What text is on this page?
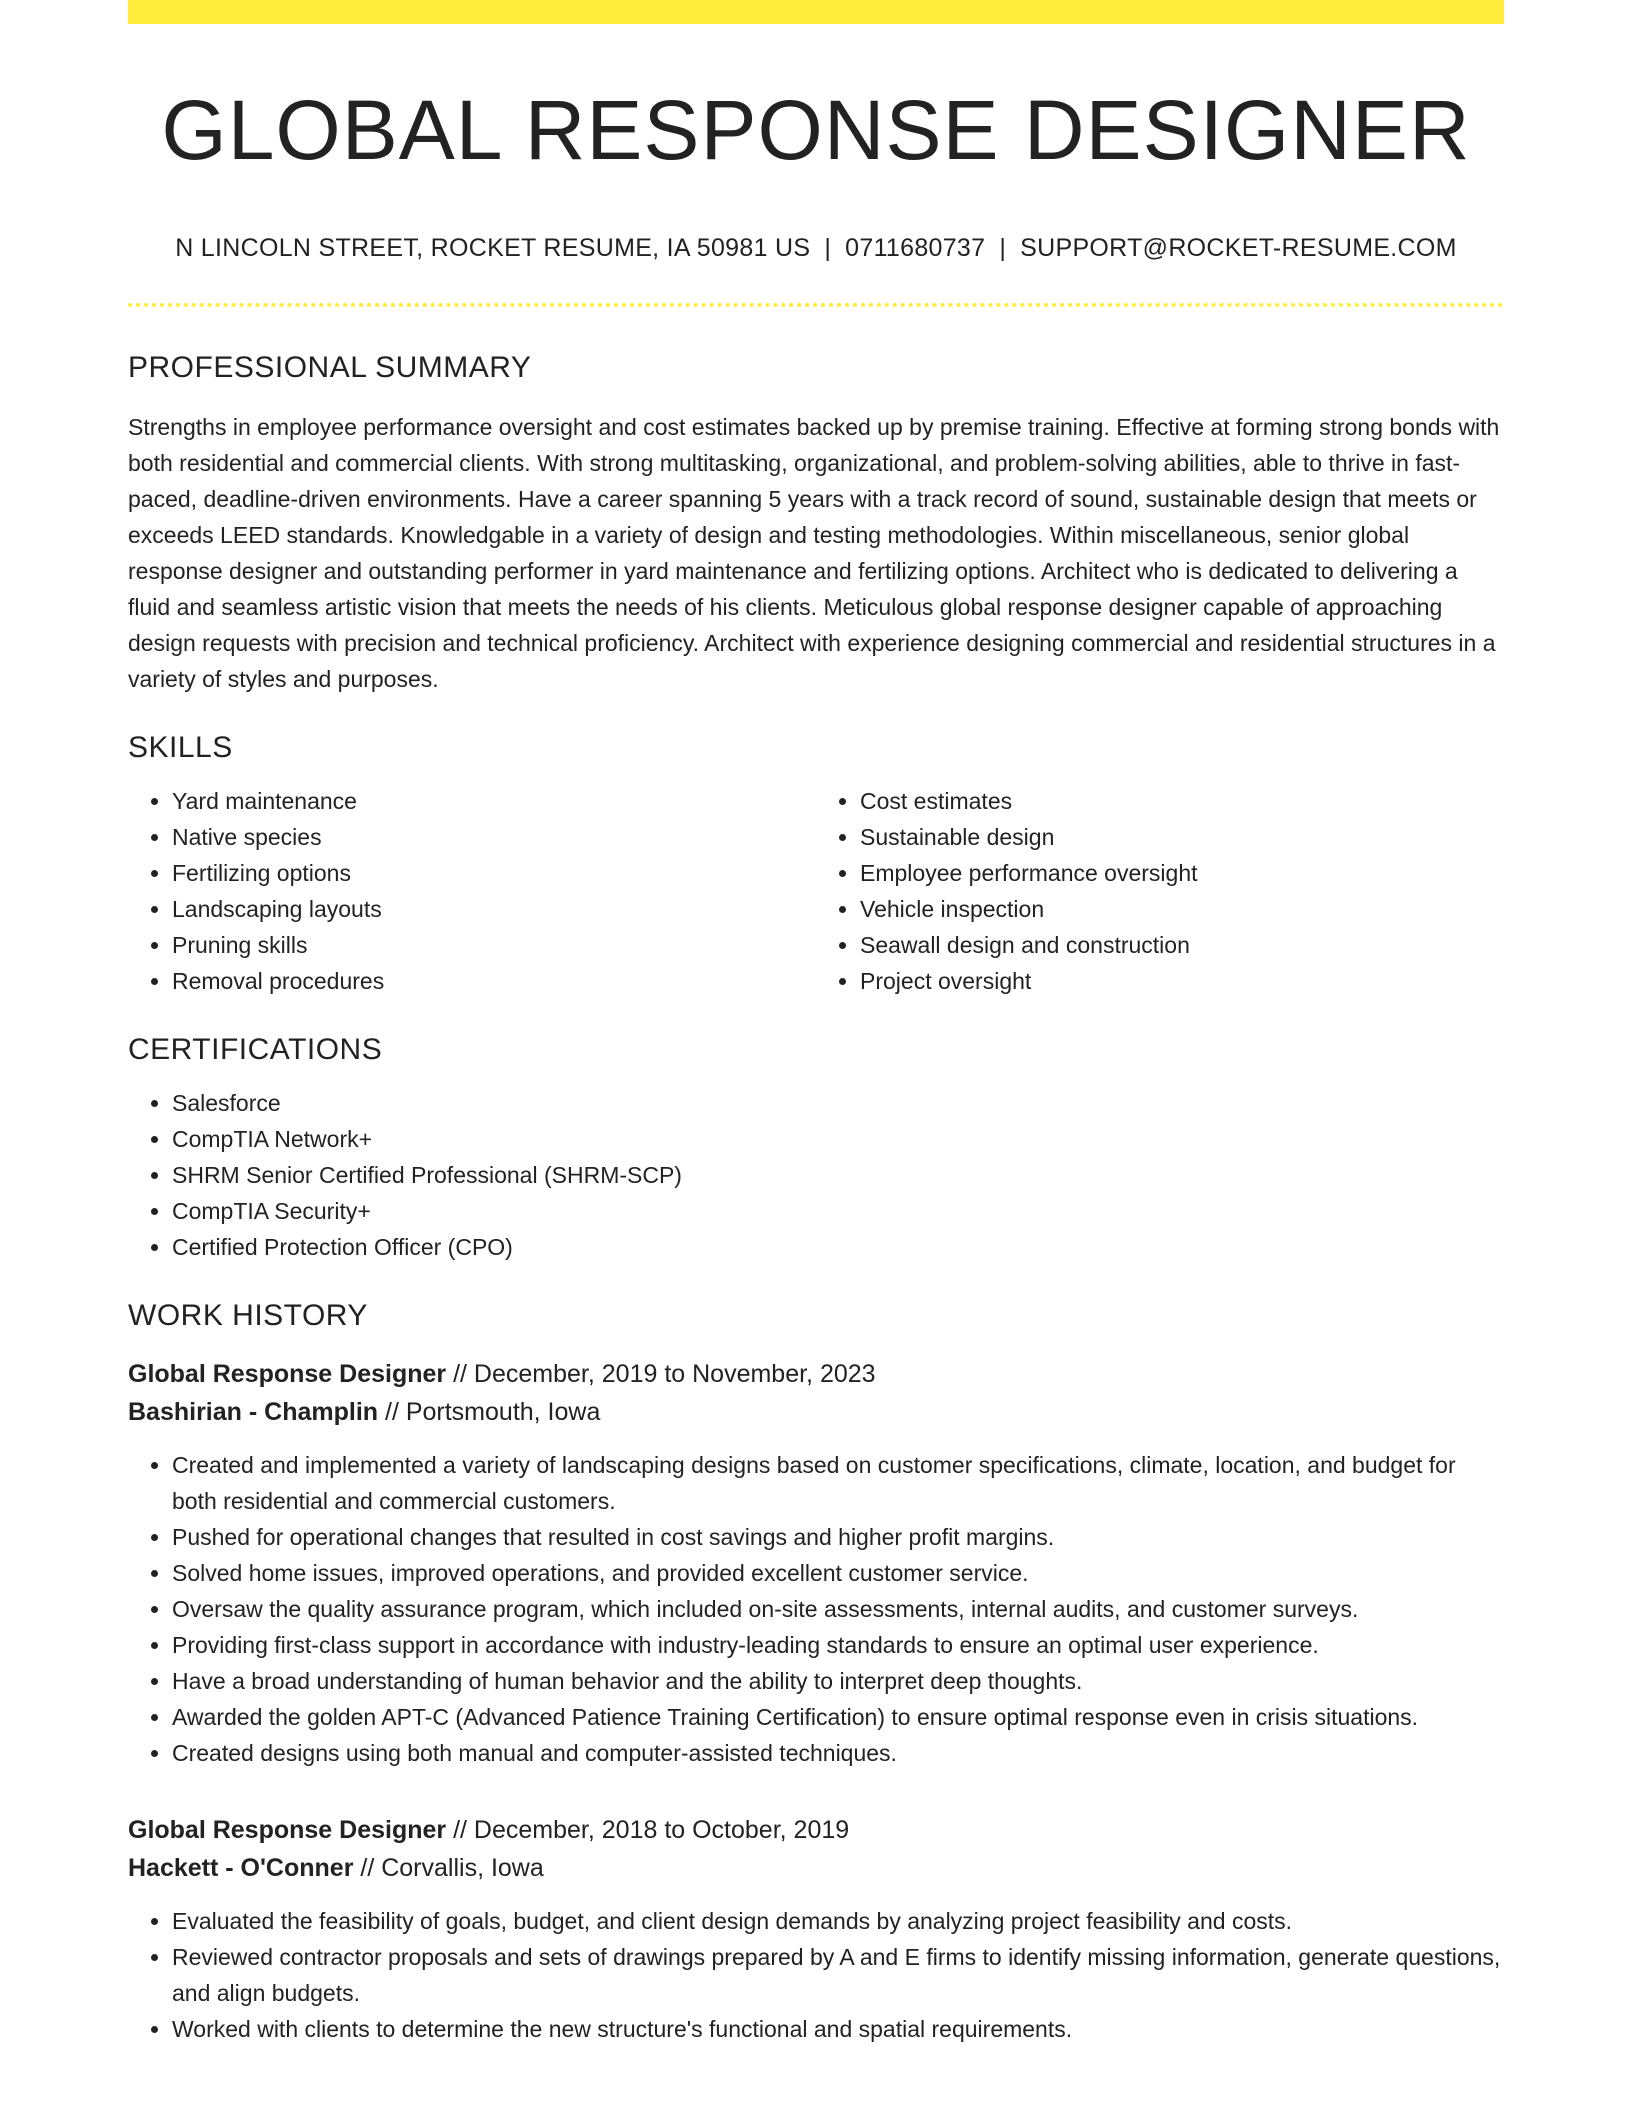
GLOBAL RESPONSE DESIGNER
N LINCOLN STREET, ROCKET RESUME, IA 50981 US | 0711680737 | SUPPORT@ROCKET-RESUME.COM
PROFESSIONAL SUMMARY

Strengths in employee performance oversight and cost estimates backed up by premise training. Effective at forming strong bonds with both residential and commercial clients. With strong multitasking, organizational, and problem-solving abilities, able to thrive in fast-paced, deadline-driven environments. Have a career spanning 5 years with a track record of sound, sustainable design that meets or exceeds LEED standards. Knowledgable in a variety of design and testing methodologies. Within miscellaneous, senior global response designer and outstanding performer in yard maintenance and fertilizing options. Architect who is dedicated to delivering a fluid and seamless artistic vision that meets the needs of his clients. Meticulous global response designer capable of approaching design requests with precision and technical proficiency. Architect with experience designing commercial and residential structures in a variety of styles and purposes.

SKILLS
• Yard maintenance
• Native species
• Fertilizing options
• Landscaping layouts
• Pruning skills
• Removal procedures
• Cost estimates
• Sustainable design
• Employee performance oversight
• Vehicle inspection
• Seawall design and construction
• Project oversight
CERTIFICATIONS
• Salesforce
• CompTIA Network+
• SHRM Senior Certified Professional (SHRM-SCP)
• CompTIA Security+
• Certified Protection Officer (CPO)
WORK HISTORY
Global Response Designer // December, 2019 to November, 2023
Bashirian - Champlin // Portsmouth, Iowa
• Created and implemented a variety of landscaping designs based on customer specifications, climate, location, and budget for both residential and commercial customers.
• Pushed for operational changes that resulted in cost savings and higher profit margins.
• Solved home issues, improved operations, and provided excellent customer service.
• Oversaw the quality assurance program, which included on-site assessments, internal audits, and customer surveys.
• Providing first-class support in accordance with industry-leading standards to ensure an optimal user experience.
• Have a broad understanding of human behavior and the ability to interpret deep thoughts.
• Awarded the golden APT-C (Advanced Patience Training Certification) to ensure optimal response even in crisis situations.
• Created designs using both manual and computer-assisted techniques.
Global Response Designer // December, 2018 to October, 2019
Hackett - O'Conner // Corvallis, Iowa
• Evaluated the feasibility of goals, budget, and client design demands by analyzing project feasibility and costs.
• Reviewed contractor proposals and sets of drawings prepared by A and E firms to identify missing information, generate questions, and align budgets.
• Worked with clients to determine the new structure's functional and spatial requirements.
